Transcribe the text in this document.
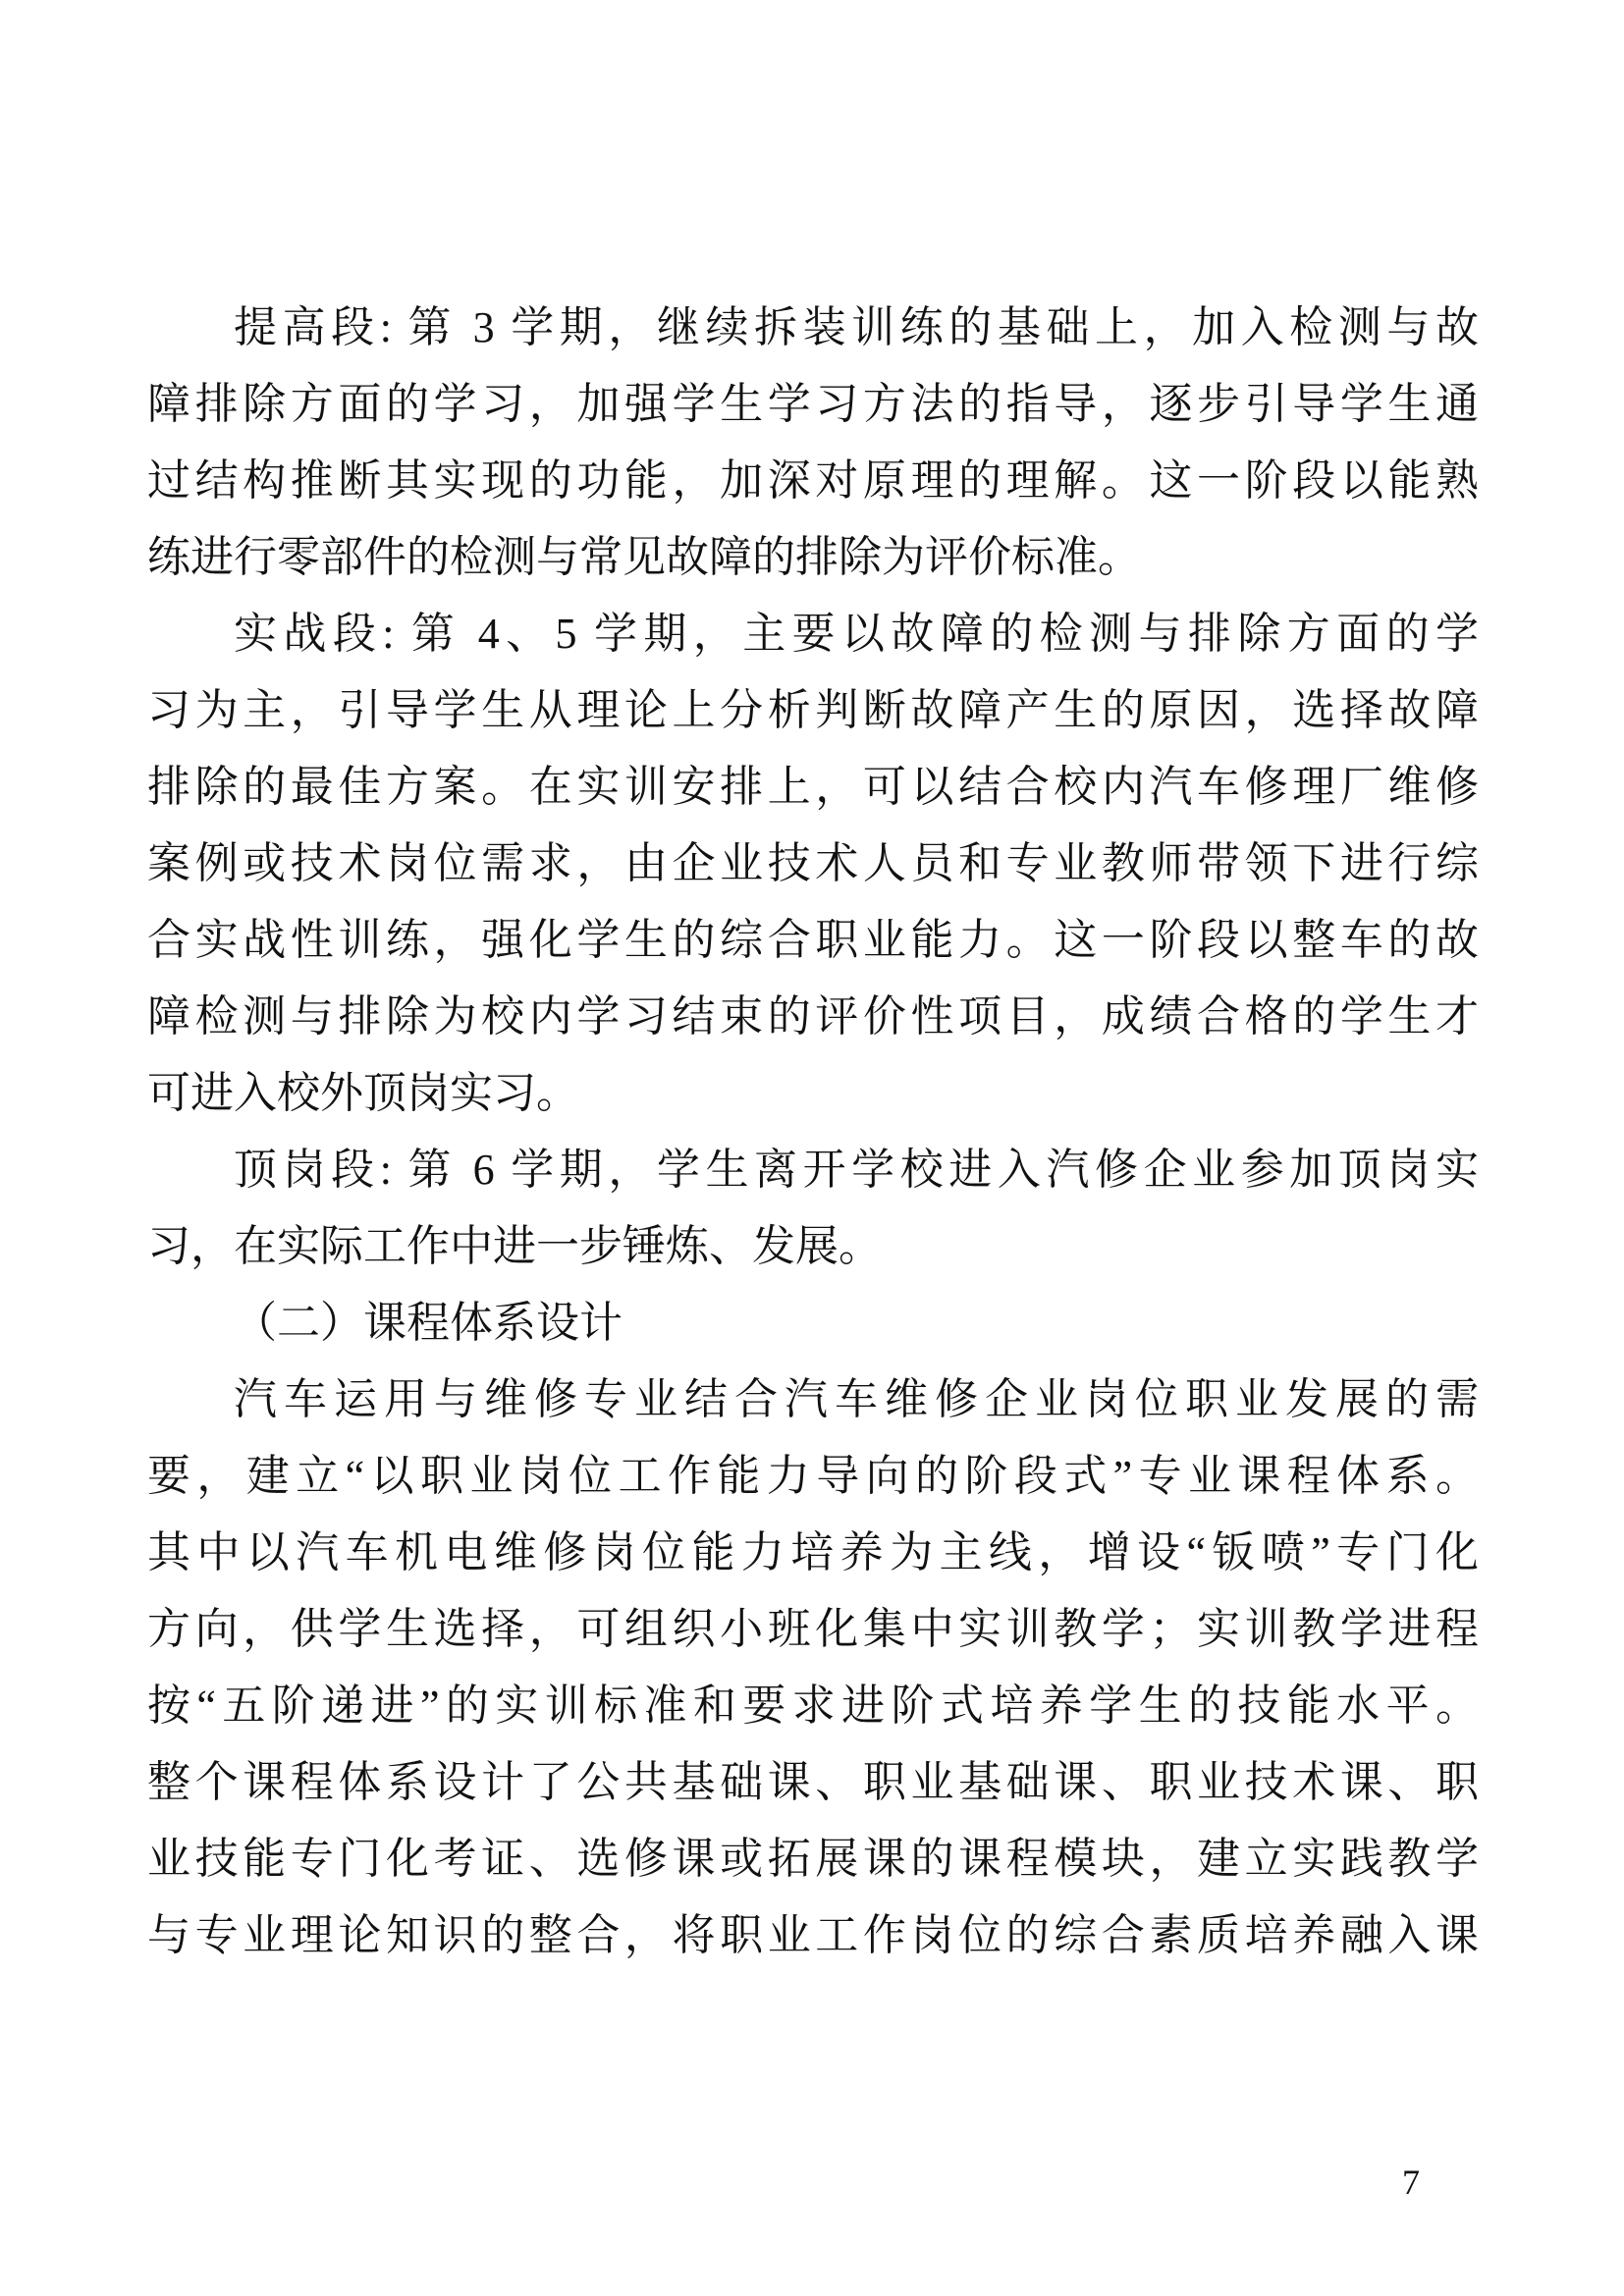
提高段: 第 3 学期，继续拆装训练的基础上，加入检测与故
障排除方面的学习，加强学生学习方法的指导，逐步引导学生通
过结构推断其实现的功能，加深对原理的理解。这一阶段以能熟
练进行零部件的检测与常见故障的排除为评价标准。
实战段: 第 4、5 学期，主要以故障的检测与排除方面的学
习为主，引导学生从理论上分析判断故障产生的原因，选择故障
排除的最佳方案。在实训安排上，可以结合校内汽车修理厂维修
案例或技术岗位需求，由企业技术人员和专业教师带领下进行综
合实战性训练，强化学生的综合职业能力。这一阶段以整车的故
障检测与排除为校内学习结束的评价性项目，成绩合格的学生才
可进入校外顶岗实习。
顶岗段: 第 6 学期，学生离开学校进入汽修企业参加顶岗实
习，在实际工作中进一步锤炼、发展。
（二）课程体系设计
汽车运用与维修专业结合汽车维修企业岗位职业发展的需
要，建立“以职业岗位工作能力导向的阶段式”专业课程体系。
其中以汽车机电维修岗位能力培养为主线，增设“钣喷”专门化
方向，供学生选择，可组织小班化集中实训教学；实训教学进程
按“五阶递进”的实训标准和要求进阶式培养学生的技能水平。
整个课程体系设计了公共基础课、职业基础课、职业技术课、职
业技能专门化考证、选修课或拓展课的课程模块，建立实践教学
与专业理论知识的整合，将职业工作岗位的综合素质培养融入课
7
